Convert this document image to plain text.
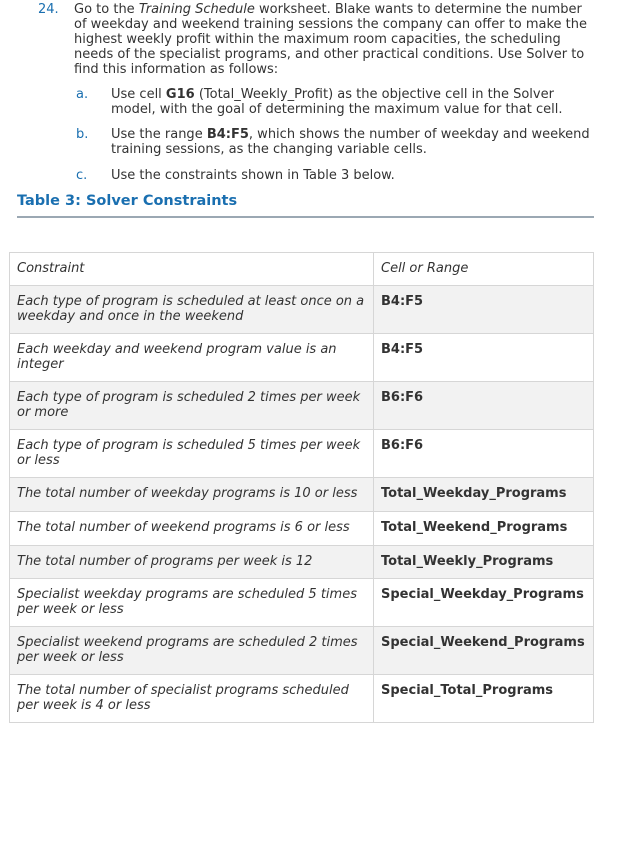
24. Go to the Training Schedule worksheet. Blake wants to determine the number of weekday and weekend training sessions the company can offer to make the highest weekly profit within the maximum room capacities, the scheduling needs of the specialist programs, and other practical conditions. Use Solver to find this information as follows:
a. Use cell G16 (Total_Weekly_Profit) as the objective cell in the Solver model, with the goal of determining the maximum value for that cell.
b. Use the range B4:F5, which shows the number of weekday and weekend training sessions, as the changing variable cells.
c. Use the constraints shown in Table 3 below.
Table 3: Solver Constraints
Constraint	Cell or Range
Each type of program is scheduled at least once on a weekday and once in the weekend	B4:F5
Each weekday and weekend program value is an integer	B4:F5
Each type of program is scheduled 2 times per week or more	B6:F6
Each type of program is scheduled 5 times per week or less	B6:F6
The total number of weekday programs is 10 or less	Total_Weekday_Programs
The total number of weekend programs is 6 or less	Total_Weekend_Programs
The total number of programs per week is 12	Total_Weekly_Programs
Specialist weekday programs are scheduled 5 times per week or less	Special_Weekday_Programs
Specialist weekend programs are scheduled 2 times per week or less	Special_Weekend_Programs
The total number of specialist programs scheduled per week is 4 or less	Special_Total_Programs
